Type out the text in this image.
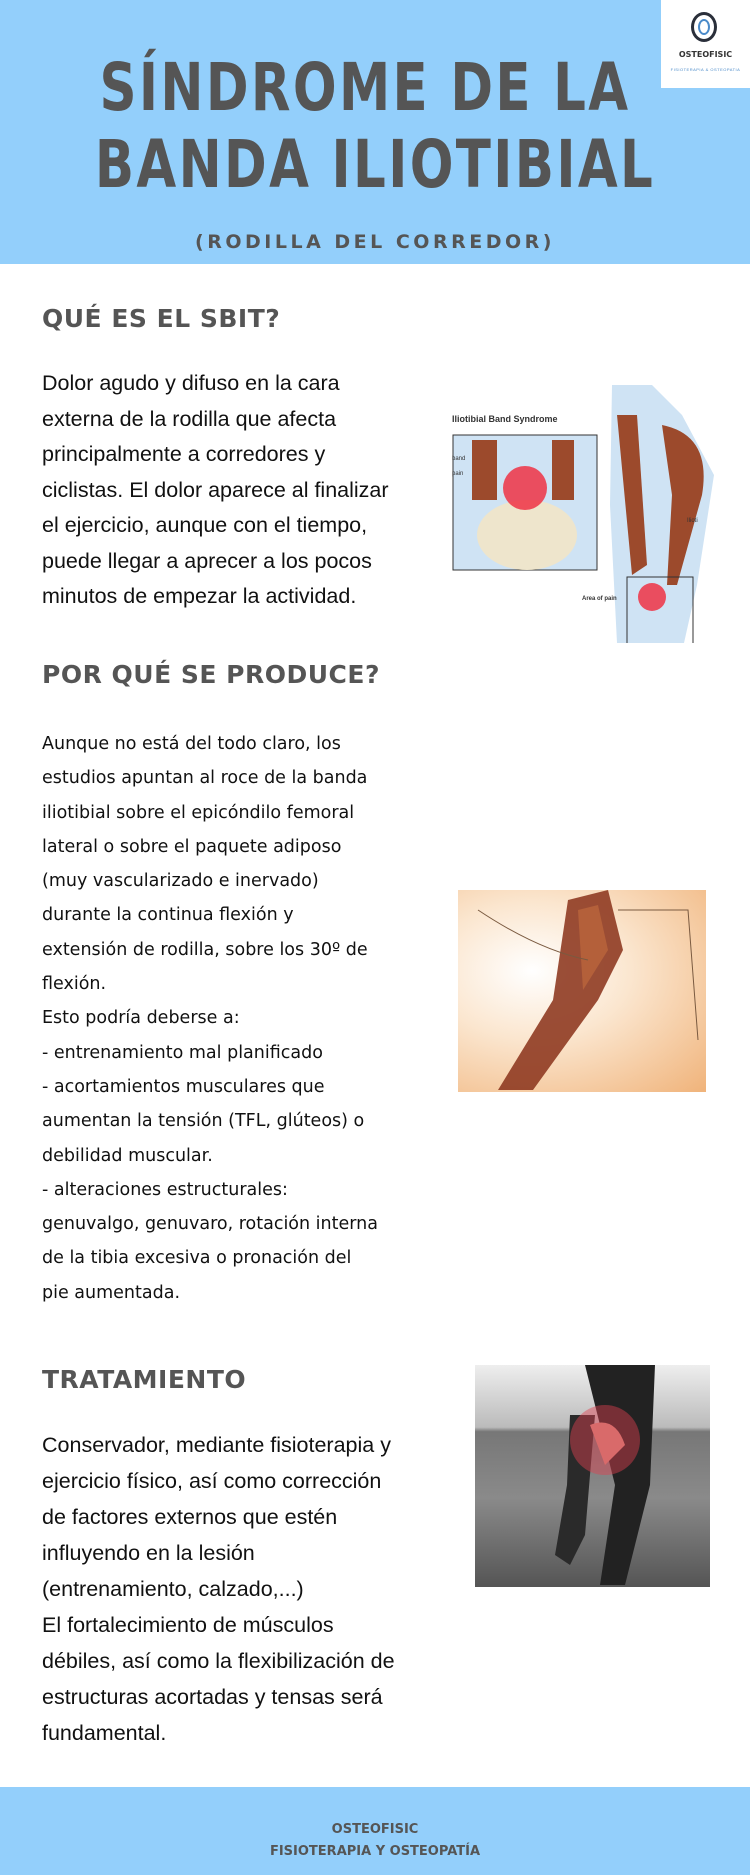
SÍNDROME DE LA
BANDA ILIOTIBIAL
(RODILLA DEL CORREDOR)
OSTEOFISIC
FISIOTERAPIA & OSTEOPATIA
QUÉ ES EL SBIT?
Dolor agudo y difuso en la cara
externa de la rodilla que afecta
principalmente a corredores y
ciclistas. El dolor aparece al finalizar
el ejercicio, aunque con el tiempo,
puede llegar a aprecer a los pocos
minutos de empezar la actividad.
Iliotibial Band Syndrome
band
pain
Ilioti
Area of pain
POR QUÉ SE PRODUCE?
Aunque no está del todo claro, los
estudios apuntan al roce de la banda
iliotibial sobre el epicóndilo femoral
lateral o sobre el paquete adiposo
(muy vascularizado e inervado)
durante la continua flexión y
extensión de rodilla, sobre los 30º de
flexión.
Esto podría deberse a:
- entrenamiento mal planificado
- acortamientos musculares que
aumentan la tensión (TFL, glúteos) o
debilidad muscular.
- alteraciones estructurales:
genuvalgo, genuvaro, rotación interna
de la tibia excesiva o pronación del
pie aumentada.
TRATAMIENTO
Conservador, mediante fisioterapia y
ejercicio físico, así como corrección
de factores externos que estén
influyendo en la lesión
(entrenamiento, calzado,...)
El fortalecimiento de músculos
débiles, así como la flexibilización de
estructuras acortadas y tensas será
fundamental.
OSTEOFISIC
FISIOTERAPIA Y OSTEOPATÍA
